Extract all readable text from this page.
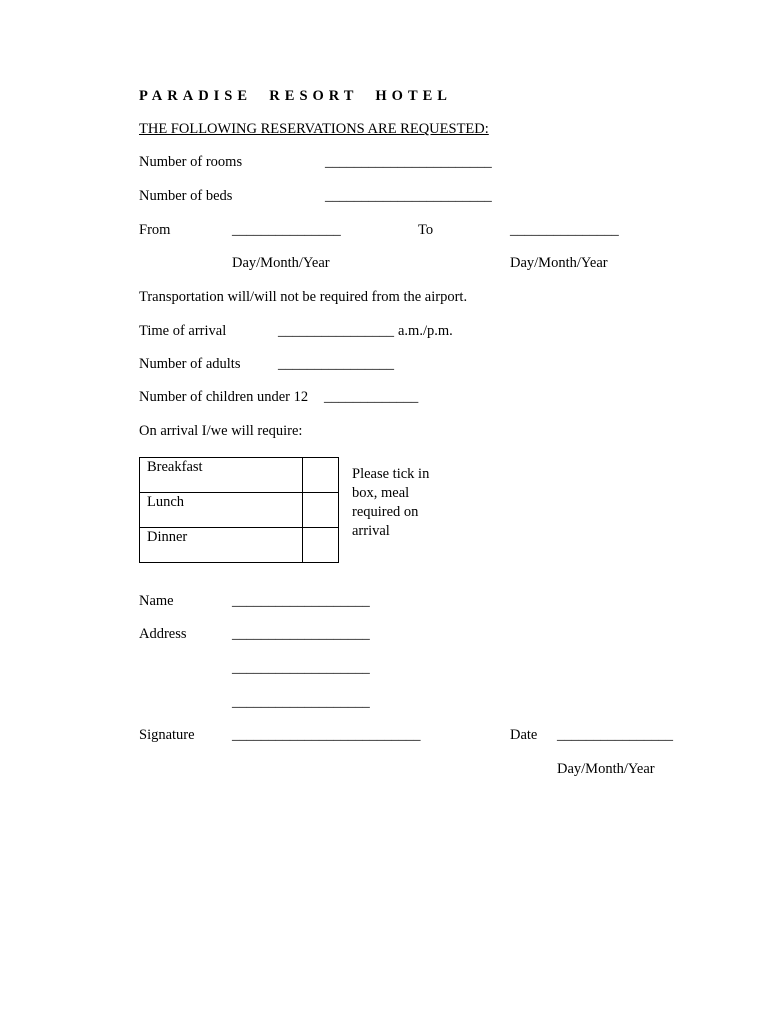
PARADISE  RESORT  HOTEL
THE FOLLOWING RESERVATIONS ARE REQUESTED:
Number of rooms	_______________________
Number of beds	_______________________
From	_______________	To	_______________
Day/Month/Year	Day/Month/Year
Transportation will/will not be required from the airport.
Time of arrival	________________ a.m./p.m.
Number of adults	________________
Number of children under 12 _____________
On arrival I/we will require:
Breakfast	
Lunch	
Dinner	
Please tick in box, meal required on arrival
Name	___________________
Address	___________________
___________________
___________________
Signature	__________________________	Date ________________
Day/Month/Year
